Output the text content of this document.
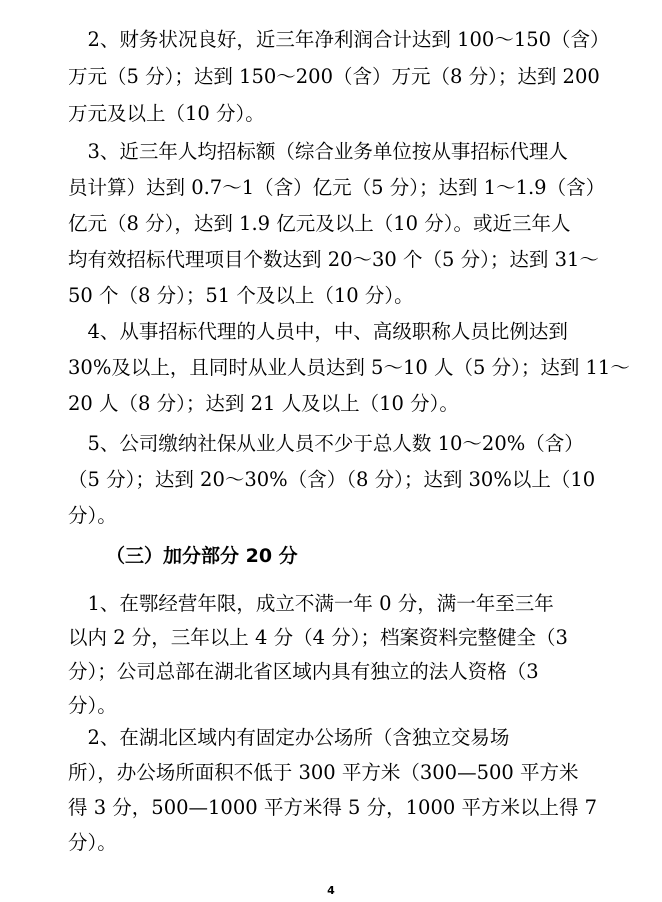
　2、财务状况良好，近三年净利润合计达到 100～150（含）
万元（5 分）；达到 150～200（含）万元（8 分）；达到 200
万元及以上（10 分）。
　3、近三年人均招标额（综合业务单位按从事招标代理人
员计算）达到 0.7～1（含）亿元（5 分）；达到 1～1.9（含）
亿元（8 分），达到 1.9 亿元及以上（10 分）。或近三年人
均有效招标代理项目个数达到 20～30 个（5 分）；达到 31～
50 个（8 分）；51 个及以上（10 分）。
　4、从事招标代理的人员中，中、高级职称人员比例达到
30%及以上，且同时从业人员达到 5～10 人（5 分）；达到 11～
20 人（8 分）；达到 21 人及以上（10 分）。
　5、公司缴纳社保从业人员不少于总人数 10～20%（含）
（5 分）；达到 20～30%（含）（8 分）；达到 30%以上（10
分）。
（三）加分部分 20 分
　1、在鄂经营年限，成立不满一年 0 分，满一年至三年
以内 2 分，三年以上 4 分（4 分）；档案资料完整健全（3
分）；公司总部在湖北省区域内具有独立的法人资格（3
分）。
　2、在湖北区域内有固定办公场所（含独立交易场
所），办公场所面积不低于 300 平方米（300—500 平方米
得 3 分，500—1000 平方米得 5 分，1000 平方米以上得 7
分）。
4
